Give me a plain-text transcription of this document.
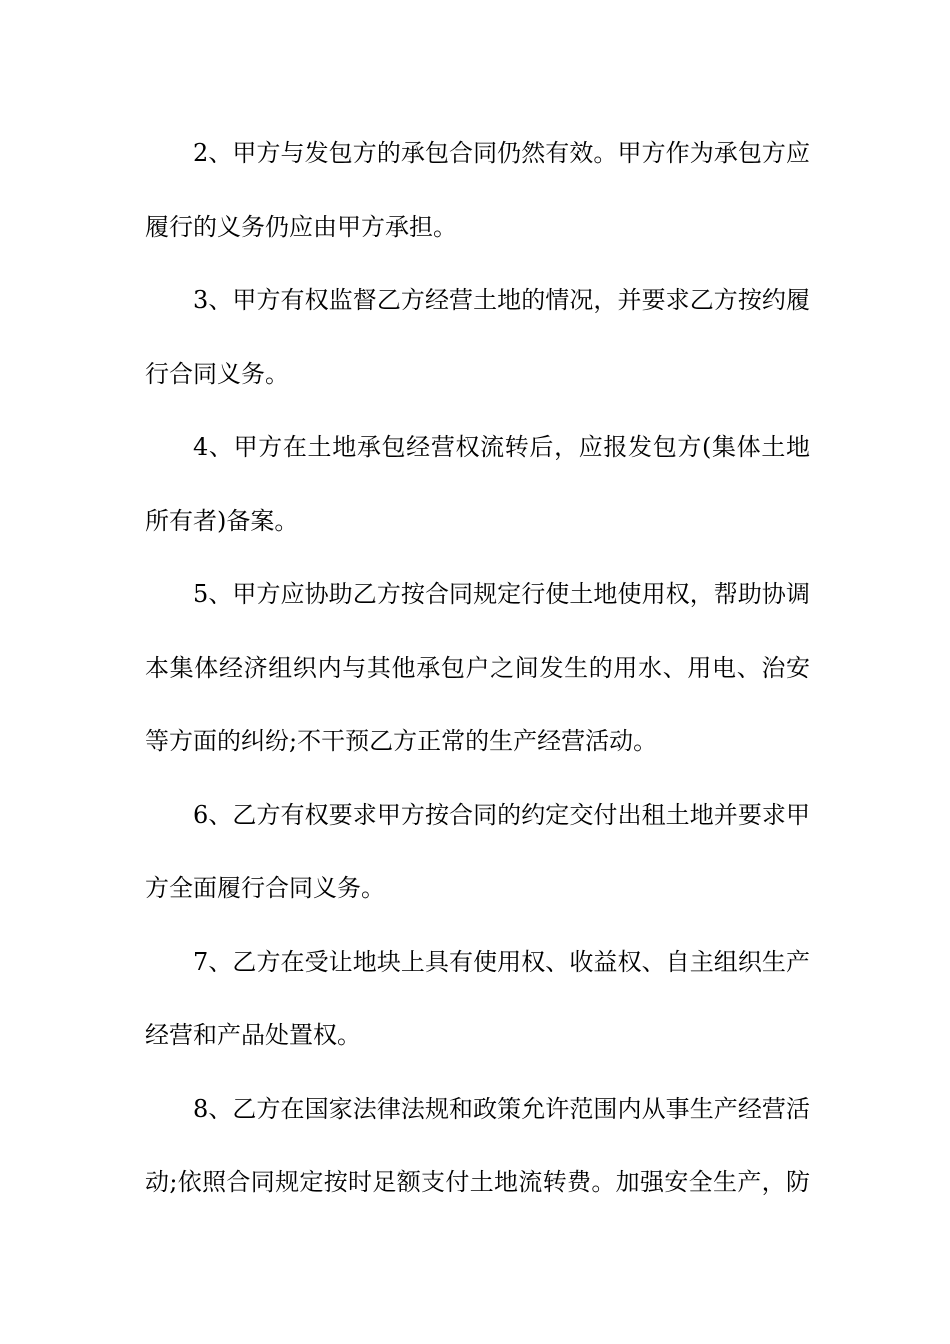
2、甲方与发包方的承包合同仍然有效。甲方作为承包方应
履行的义务仍应由甲方承担。
3、甲方有权监督乙方经营土地的情况，并要求乙方按约履
行合同义务。
4、甲方在土地承包经营权流转后，应报发包方(集体土地
所有者)备案。
5、甲方应协助乙方按合同规定行使土地使用权，帮助协调
本集体经济组织内与其他承包户之间发生的用水、用电、治安
等方面的纠纷;不干预乙方正常的生产经营活动。
6、乙方有权要求甲方按合同的约定交付出租土地并要求甲
方全面履行合同义务。
7、乙方在受让地块上具有使用权、收益权、自主组织生产
经营和产品处置权。
8、乙方在国家法律法规和政策允许范围内从事生产经营活
动;依照合同规定按时足额支付土地流转费。加强安全生产，防
